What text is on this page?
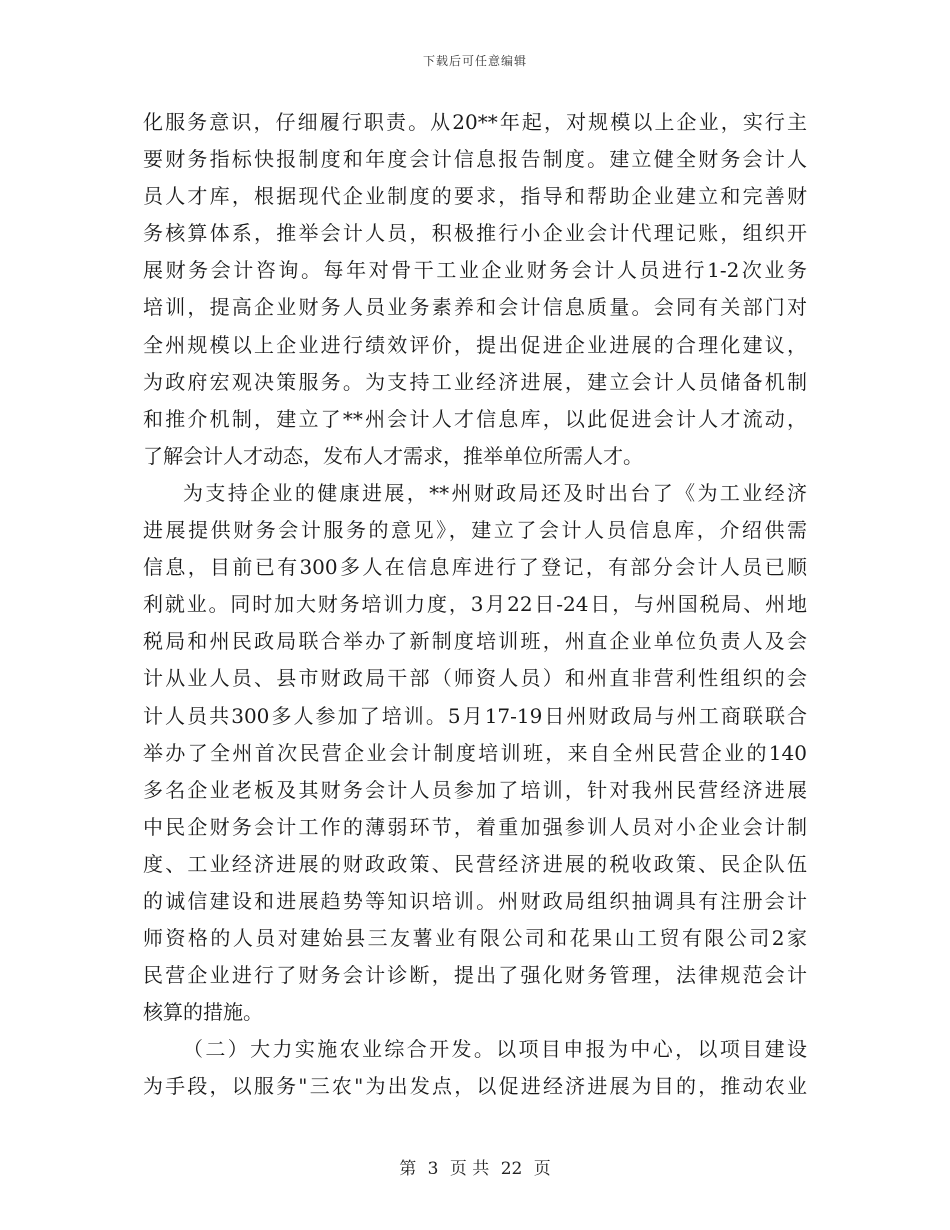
下载后可任意编辑
化服务意识，仔细履行职责。从20**年起，对规模以上企业，实行主
要财务指标快报制度和年度会计信息报告制度。建立健全财务会计人
员人才库，根据现代企业制度的要求，指导和帮助企业建立和完善财
务核算体系，推举会计人员，积极推行小企业会计代理记账，组织开
展财务会计咨询。每年对骨干工业企业财务会计人员进行1-2次业务
培训，提高企业财务人员业务素养和会计信息质量。会同有关部门对
全州规模以上企业进行绩效评价，提出促进企业进展的合理化建议，
为政府宏观决策服务。为支持工业经济进展，建立会计人员储备机制
和推介机制，建立了**州会计人才信息库，以此促进会计人才流动，
了解会计人才动态，发布人才需求，推举单位所需人才。
为支持企业的健康进展，**州财政局还及时出台了《为工业经济
进展提供财务会计服务的意见》，建立了会计人员信息库，介绍供需
信息，目前已有300多人在信息库进行了登记，有部分会计人员已顺
利就业。同时加大财务培训力度，3月22日-24日，与州国税局、州地
税局和州民政局联合举办了新制度培训班，州直企业单位负责人及会
计从业人员、县市财政局干部（师资人员）和州直非营利性组织的会
计人员共300多人参加了培训。5月17-19日州财政局与州工商联联合
举办了全州首次民营企业会计制度培训班，来自全州民营企业的140
多名企业老板及其财务会计人员参加了培训，针对我州民营经济进展
中民企财务会计工作的薄弱环节，着重加强参训人员对小企业会计制
度、工业经济进展的财政政策、民营经济进展的税收政策、民企队伍
的诚信建设和进展趋势等知识培训。州财政局组织抽调具有注册会计
师资格的人员对建始县三友薯业有限公司和花果山工贸有限公司2家
民营企业进行了财务会计诊断，提出了强化财务管理，法律规范会计
核算的措施。
（二）大力实施农业综合开发。以项目申报为中心，以项目建设
为手段，以服务"三农"为出发点，以促进经济进展为目的，推动农业
第 3 页 共 22 页
